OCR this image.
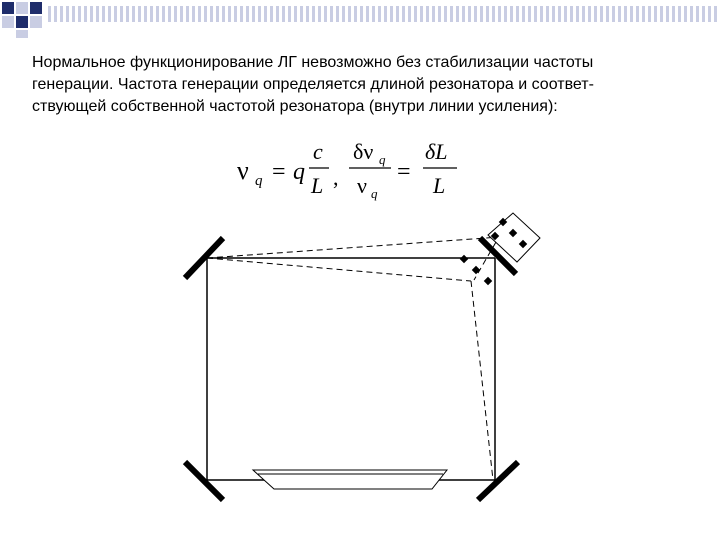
Нормальное функционирование ЛГ невозможно без стабилизации частоты

генерации. Частота генерации определяется длиной резонатора и соответ-

ствующей собственной частотой резонатора (внутри линии усиления):

ν q = q
c
L ,
δν q
ν q
=
δL
L
